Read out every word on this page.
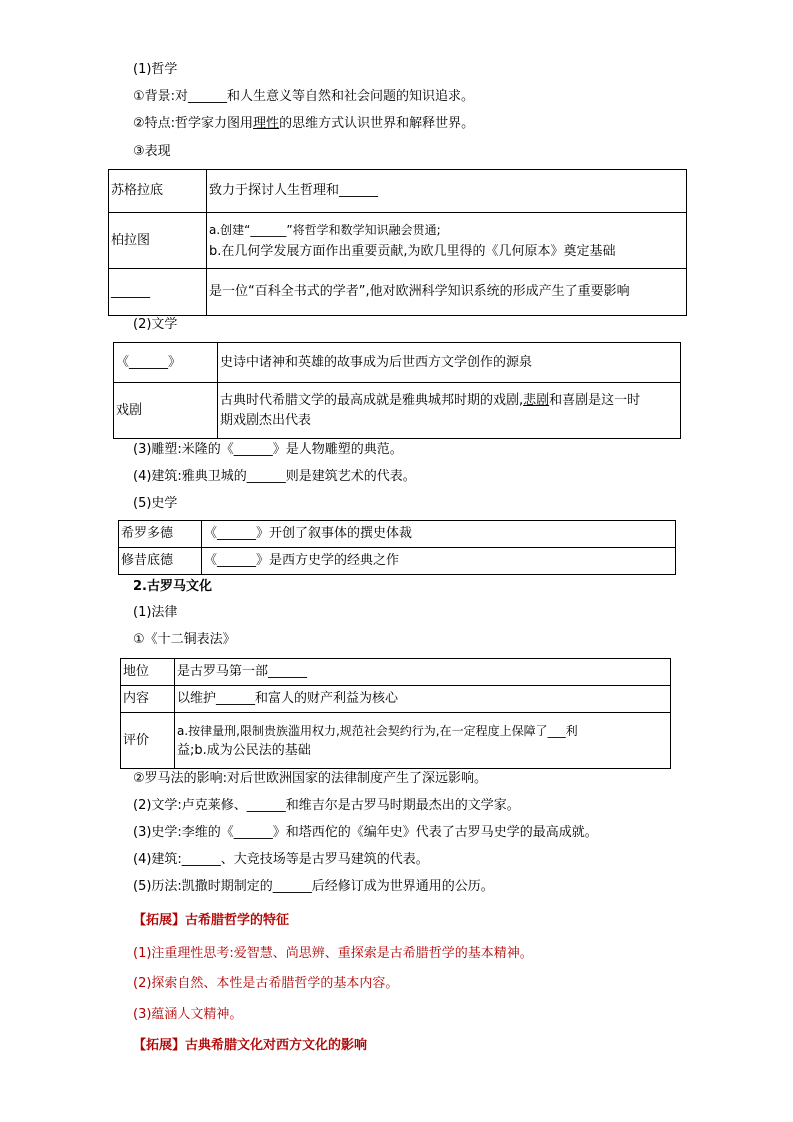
(1)哲学
①背景:对______和人生意义等自然和社会问题的知识追求。
②特点:哲学家力图用理性的思维方式认识世界和解释世界。
③表现
苏格拉底	致力于探讨人生哲理和______
柏拉图	a.创建“______”将哲学和数学知识融会贯通;
b.在几何学发展方面作出重要贡献,为欧几里得的《几何原本》奠定基础

______	是一位“百科全书式的学者”,他对欧洲科学知识系统的形成产生了重要影响
(2)文学
《______》	史诗中诸神和英雄的故事成为后世西方文学创作的源泉
戏剧	古典时代希腊文学的最高成就是雅典城邦时期的戏剧,悲剧和喜剧是这一时
期戏剧杰出代表
(3)雕塑:米隆的《______》是人物雕塑的典范。
(4)建筑:雅典卫城的______则是建筑艺术的代表。
(5)史学
希罗多德	《______》开创了叙事体的撰史体裁
修昔底德	《______》是西方史学的经典之作
2.古罗马文化
(1)法律
①《十二铜表法》
地位	是古罗马第一部______
内容	以维护______和富人的财产利益为核心
评价	a.按律量刑,限制贵族滥用权力,规范社会契约行为,在一定程度上保障了___利
益;b.成为公民法的基础
②罗马法的影响:对后世欧洲国家的法律制度产生了深远影响。
(2)文学:卢克莱修、______和维吉尔是古罗马时期最杰出的文学家。
(3)史学:李维的《______》和塔西佗的《编年史》代表了古罗马史学的最高成就。
(4)建筑:______、大竞技场等是古罗马建筑的代表。
(5)历法:凯撒时期制定的______后经修订成为世界通用的公历。
【拓展】古希腊哲学的特征
(1)注重理性思考:爱智慧、尚思辨、重探索是古希腊哲学的基本精神。
(2)探索自然、本性是古希腊哲学的基本内容。
(3)蕴涵人文精神。
【拓展】古典希腊文化对西方文化的影响
